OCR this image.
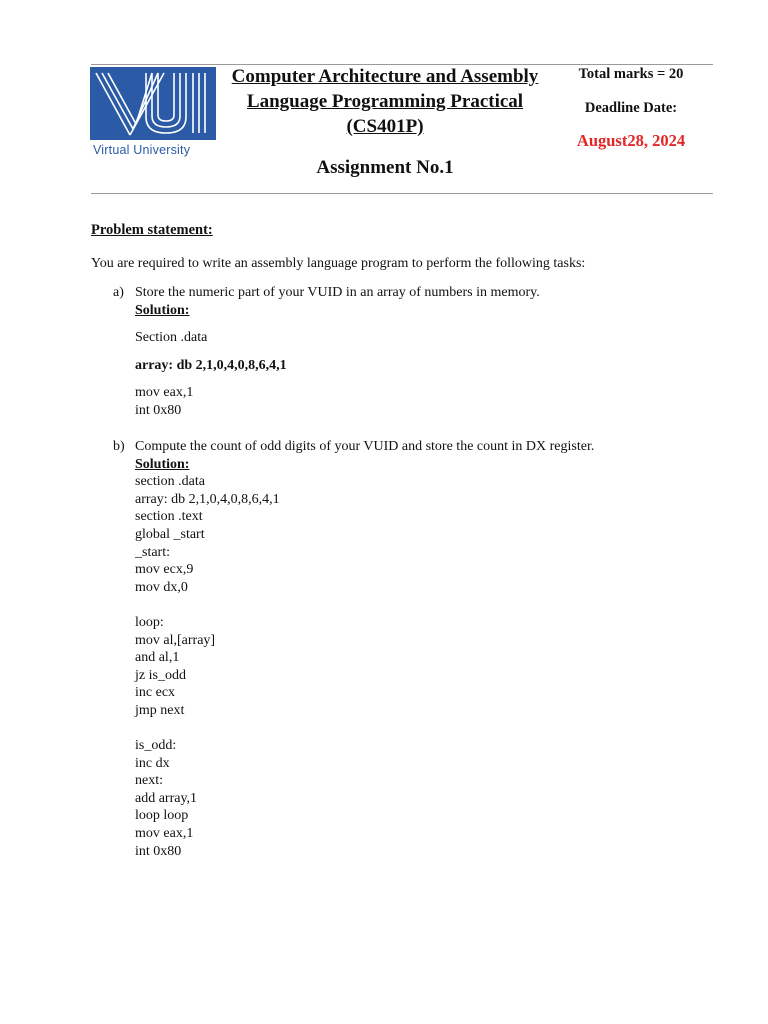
Virtual University
Computer Architecture and Assembly
Language Programming Practical
(CS401P)
Assignment No.1
Total marks = 20
Deadline Date:
August28, 2024
Problem statement:
You are required to write an assembly language program to perform the following tasks:
a) Store the numeric part of your VUID in an array of numbers in memory.
Solution:
Section .data
array: db 2,1,0,4,0,8,6,4,1
mov eax,1
int 0x80
b) Compute the count of odd digits of your VUID and store the count in DX register.
Solution:
section .data
array: db 2,1,0,4,0,8,6,4,1
section .text
global _start
_start:
mov ecx,9
mov dx,0
loop:
mov al,[array]
and al,1
jz is_odd
inc ecx
jmp next
is_odd:
inc dx
next:
add array,1
loop loop
mov eax,1
int 0x80
